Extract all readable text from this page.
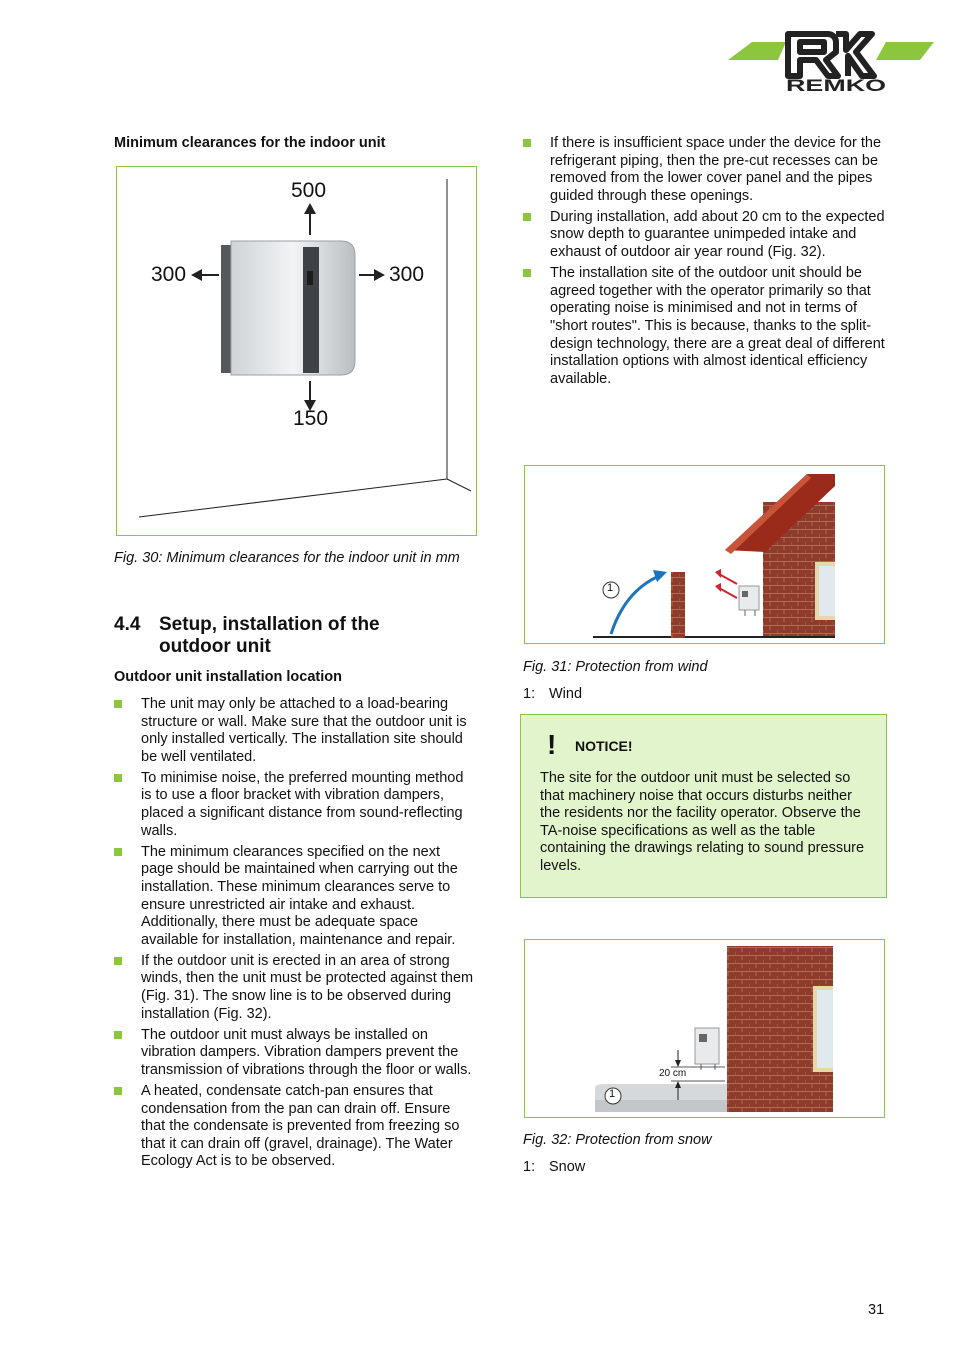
®
REMKO
Minimum clearances for the indoor unit
500
300	300
150
Fig. 30: Minimum clearances for the indoor unit in mm
4.4 Setup, installation of the outdoor unit
Outdoor unit installation location
The unit may only be attached to a load-bearing structure or wall. Make sure that the outdoor unit is only installed vertically. The installation site should be well ventilated.
To minimise noise, the preferred mounting method is to use a floor bracket with vibration dampers, placed a significant distance from sound-reflecting walls.
The minimum clearances specified on the next page should be maintained when carrying out the installation. These minimum clearances serve to ensure unrestricted air intake and exhaust. Additionally, there must be adequate space available for installation, maintenance and repair.
If the outdoor unit is erected in an area of strong winds, then the unit must be protected against them (Fig. 31). The snow line is to be observed during installation (Fig. 32).
The outdoor unit must always be installed on vibration dampers. Vibration dampers prevent the transmission of vibrations through the floor or walls.
A heated, condensate catch-pan ensures that condensation from the pan can drain off. Ensure that the condensate is prevented from freezing so that it can drain off (gravel, drainage). The Water Ecology Act is to be observed.
If there is insufficient space under the device for the refrigerant piping, then the pre-cut recesses can be removed from the lower cover panel and the pipes guided through these openings.
During installation, add about 20 cm to the expected snow depth to guarantee unimpeded intake and exhaust of outdoor air year round (Fig. 32).
The installation site of the outdoor unit should be agreed together with the operator primarily so that operating noise is minimised and not in terms of "short routes". This is because, thanks to the split-design technology, there are a great deal of different installation options with almost identical efficiency available.
1
Fig. 31: Protection from wind
1: Wind
! NOTICE!
The site for the outdoor unit must be selected so that machinery noise that occurs disturbs neither the residents nor the facility operator. Observe the TA-noise specifications as well as the table containing the drawings relating to sound pressure levels.
20 cm
1
Fig. 32: Protection from snow
1: Snow
31
